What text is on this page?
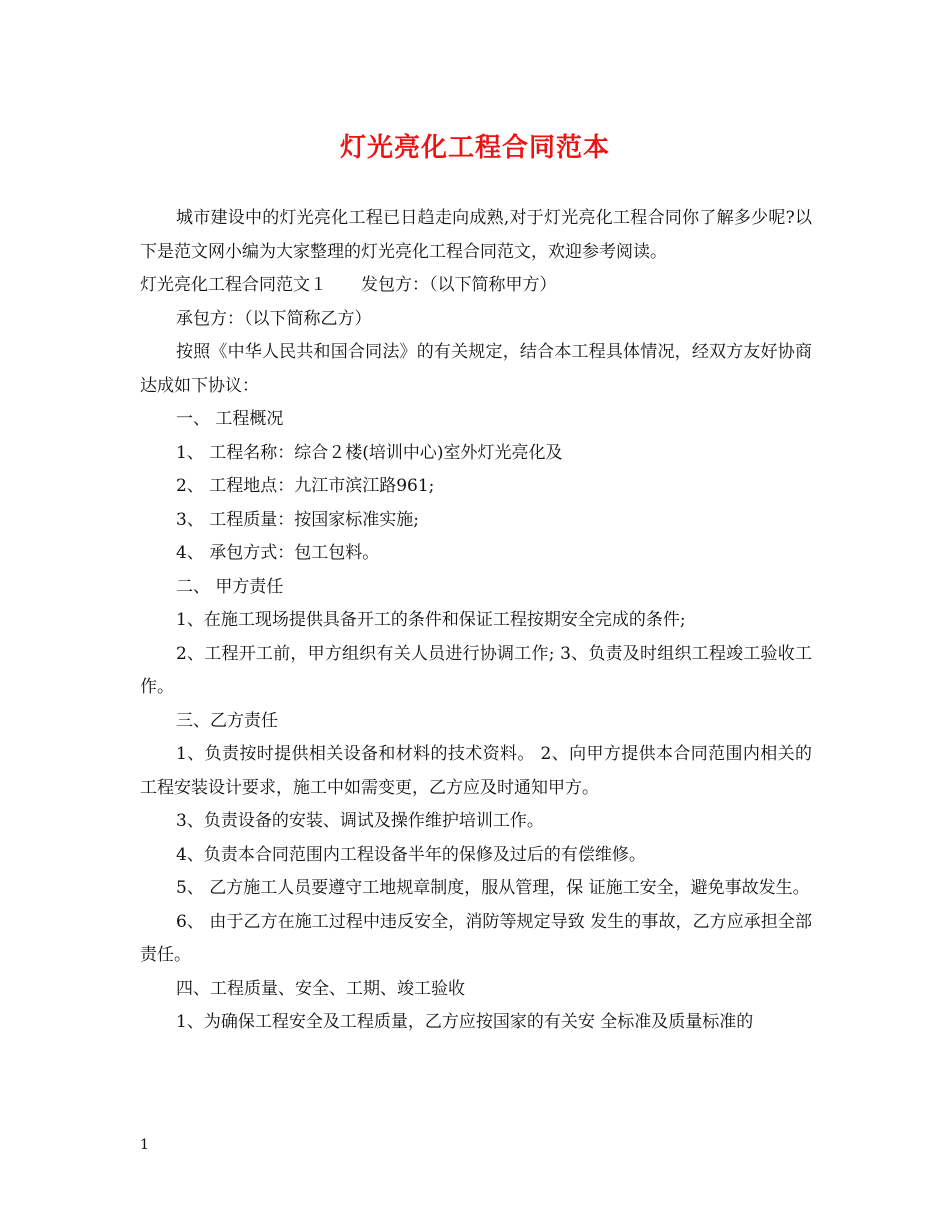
灯光亮化工程合同范本

城市建设中的灯光亮化工程已日趋走向成熟,对于灯光亮化工程合同你了解多少呢?以下是范文网小编为大家整理的灯光亮化工程合同范文，欢迎参考阅读。

灯光亮化工程合同范文１ 发包方：（以下简称甲方）

承包方：（以下简称乙方）

按照《中华人民共和国合同法》的有关规定，结合本工程具体情况，经双方友好协商达成如下协议：

一、 工程概况

1、 工程名称：综合２楼(培训中心)室外灯光亮化及

2、 工程地点：九江市滨江路961;

3、 工程质量：按国家标准实施;

4、 承包方式：包工包料。

二、 甲方责任

1、在施工现场提供具备开工的条件和保证工程按期安全完成的条件;

2、工程开工前，甲方组织有关人员进行协调工作; 3、负责及时组织工程竣工验收工作。

三、乙方责任

1、负责按时提供相关设备和材料的技术资料。 2、向甲方提供本合同范围内相关的工程安装设计要求，施工中如需变更，乙方应及时通知甲方。

3、负责设备的安装、调试及操作维护培训工作。

4、负责本合同范围内工程设备半年的保修及过后的有偿维修。

5、 乙方施工人员要遵守工地规章制度，服从管理，保 证施工安全，避免事故发生。

6、 由于乙方在施工过程中违反安全，消防等规定导致 发生的事故，乙方应承担全部责任。

四、工程质量、安全、工期、竣工验收

1、为确保工程安全及工程质量，乙方应按国家的有关安 全标准及质量标准的

1
